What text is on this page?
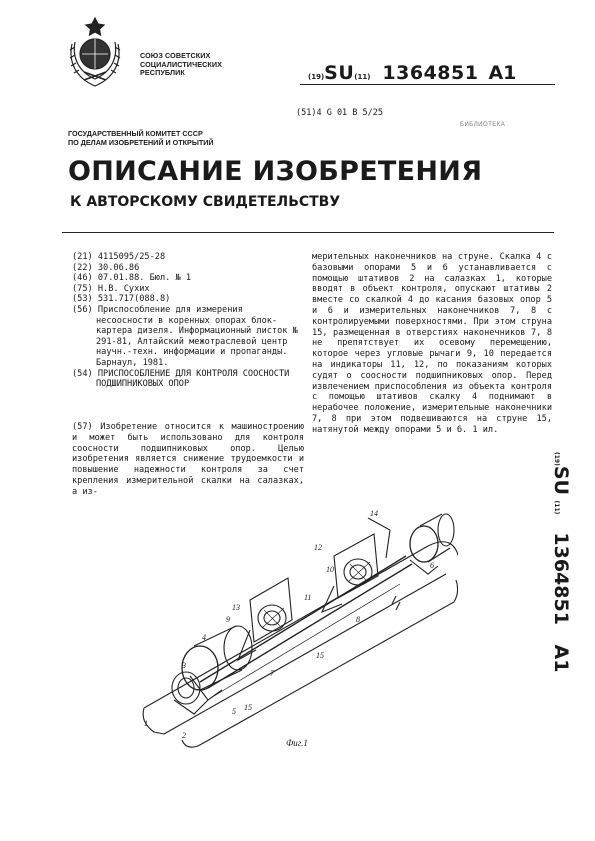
СОЮЗ СОВЕТСКИХ
СОЦИАЛИСТИЧЕСКИХ
РЕСПУБЛИК	(19)SU(11) 1364851 A1
(51)4 G 01 B 5/25
БИБЛИОТЕКА
ГОСУДАРСТВЕННЫЙ КОМИТЕТ СССР
ПО ДЕЛАМ ИЗОБРЕТЕНИЙ И ОТКРЫТИЙ
ОПИСАНИЕ ИЗОБРЕТЕНИЯ
К АВТОРСКОМУ СВИДЕТЕЛЬСТВУ
(21) 4115095/25-28
(22) 30.06.86
(46) 07.01.88. Бюл. № 1
(75) Н.В. Сухих
(53) 531.717(088.8)
(56) Приспособление для измерения несоосности в коренных опорах блок-картера дизеля. Информационный листок № 291-81, Алтайский межотраслевой центр научн.-техн. информации и пропаганды. Барнаул, 1981.
(54) ПРИСПОСОБЛЕНИЕ ДЛЯ КОНТРОЛЯ СООСНОСТИ ПОДШИПНИКОВЫХ ОПОР
(57) Изобретение относится к машиностроению и может быть использовано для контроля соосности подшипниковых опор. Целью изобретения является снижение трудоемкости и повышение надежности контроля за счет крепления измерительной скалки на салазках, а из-
мерительных наконечников на струне. Скалка 4 с базовыми опорами 5 и 6 устанавливается с помощью штативов 2 на салазках 1, которые вводят в объект контроля, опускают штативы 2 вместе со скалкой 4 до касания базовых опор 5 и 6 и измерительных наконечников 7, 8 с контролируемыми поверхностями. При этом струна 15, размещенная в отверстиях наконечников 7, 8 не препятствует их осевому перемещению, которое через угловые рычаги 9, 10 передается на индикаторы 11, 12, по показаниям которых судят о соосности подшипниковых опор. Перед извлечением приспособления из объекта контроля с помощью штативов скалку 4 поднимают в нерабочее положение, измерительные наконечники 7, 8 при этом подвешиваются на струне 15, натянутой между опорами 5 и 6. 1 ил.
(19)SU (11)1364851 A1
1
2
3
4
5
6
7
8
9
10
11
12
13
14
15
15
Фиг.1
